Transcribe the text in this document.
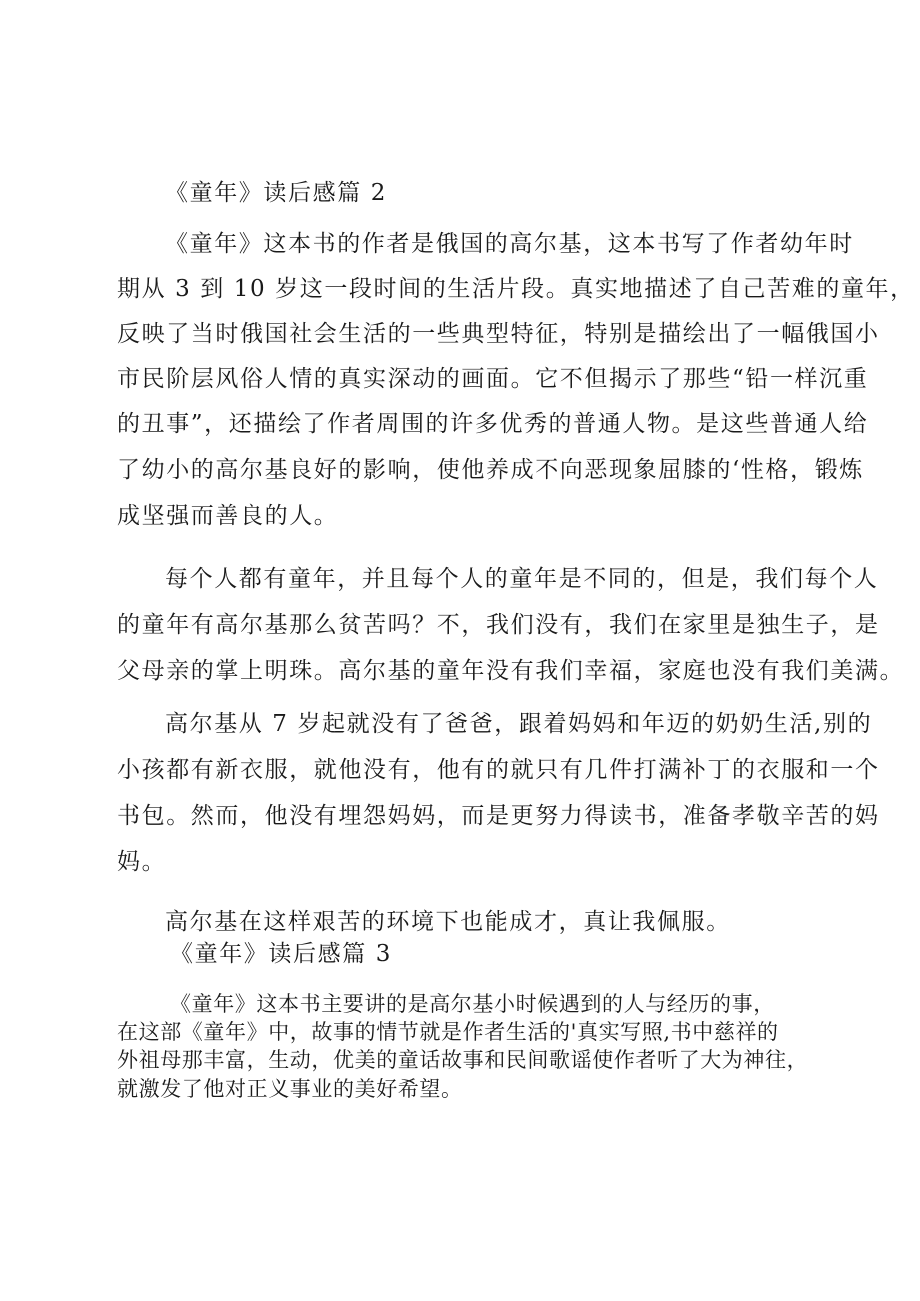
《童年》读后感篇 2
《童年》这本书的作者是俄国的高尔基，这本书写了作者幼年时
期从 3 到 10 岁这一段时间的生活片段。真实地描述了自己苦难的童年，
反映了当时俄国社会生活的一些典型特征，特别是描绘出了一幅俄国小
市民阶层风俗人情的真实深动的画面。它不但揭示了那些“铅一样沉重
的丑事”，还描绘了作者周围的许多优秀的普通人物。是这些普通人给
了幼小的高尔基良好的影响，使他养成不向恶现象屈膝的‘性格，锻炼
成坚强而善良的人。
每个人都有童年，并且每个人的童年是不同的，但是，我们每个人
的童年有高尔基那么贫苦吗？不，我们没有，我们在家里是独生子，是
父母亲的掌上明珠。高尔基的童年没有我们幸福，家庭也没有我们美满。
高尔基从 7 岁起就没有了爸爸，跟着妈妈和年迈的奶奶生活,别的
小孩都有新衣服，就他没有，他有的就只有几件打满补丁的衣服和一个
书包。然而，他没有埋怨妈妈，而是更努力得读书，准备孝敬辛苦的妈
妈。
高尔基在这样艰苦的环境下也能成才，真让我佩服。
《童年》读后感篇 3
《童年》这本书主要讲的是高尔基小时候遇到的人与经历的事，
在这部《童年》中，故事的情节就是作者生活的'真实写照,书中慈祥的
外祖母那丰富，生动，优美的童话故事和民间歌谣使作者听了大为神往，
就激发了他对正义事业的美好希望。
